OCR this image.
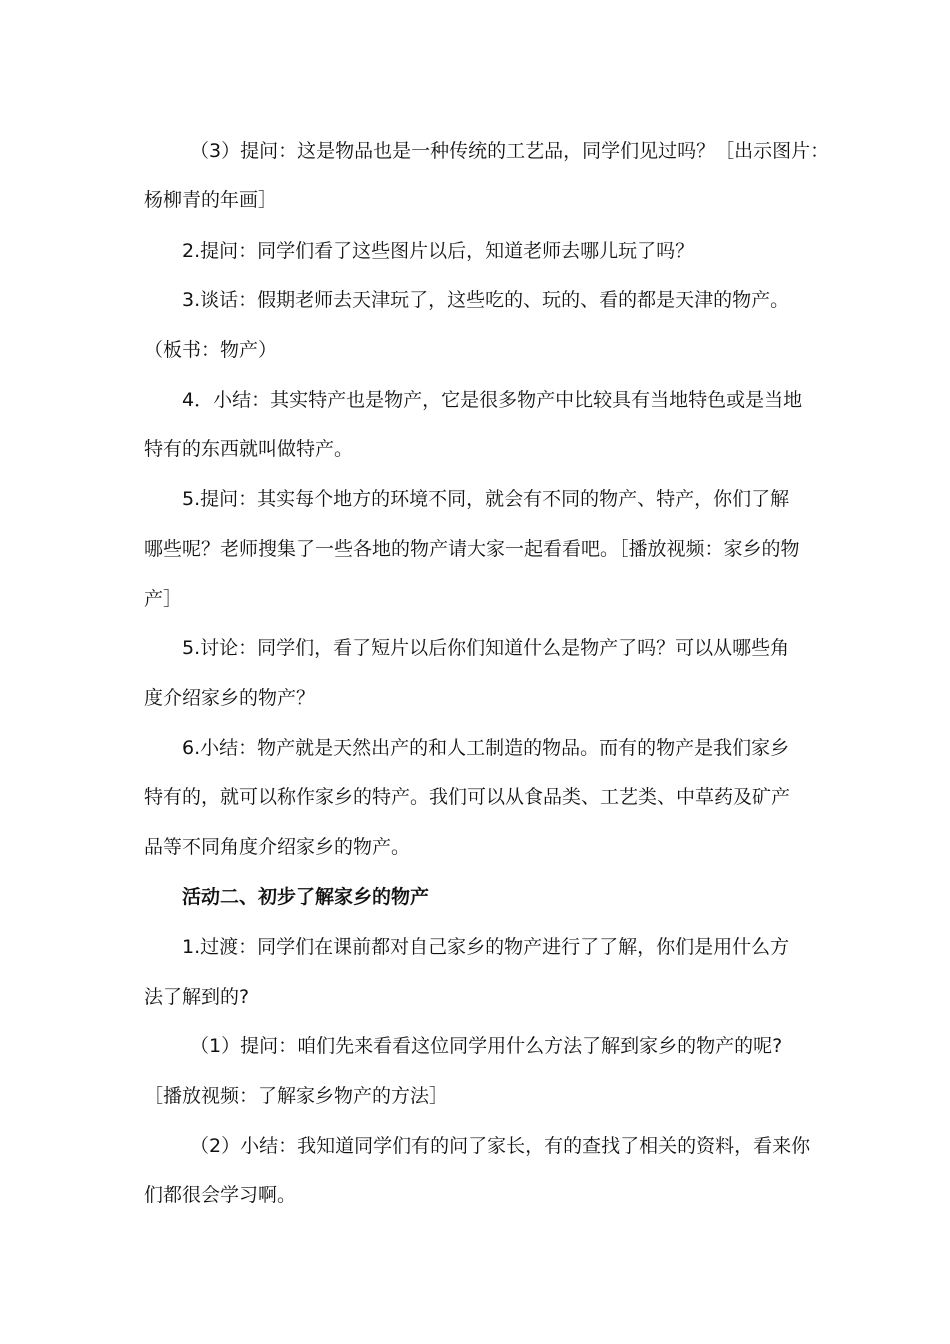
（3）提问：这是物品也是一种传统的工艺品，同学们见过吗？［出示图片：
杨柳青的年画］
2.提问：同学们看了这些图片以后，知道老师去哪儿玩了吗？
3.谈话：假期老师去天津玩了，这些吃的、玩的、看的都是天津的物产。
（板书：物产）
4．小结：其实特产也是物产，它是很多物产中比较具有当地特色或是当地
特有的东西就叫做特产。
5.提问：其实每个地方的环境不同，就会有不同的物产、特产，你们了解
哪些呢？老师搜集了一些各地的物产请大家一起看看吧。［播放视频：家乡的物
产］
5.讨论：同学们，看了短片以后你们知道什么是物产了吗？可以从哪些角
度介绍家乡的物产？
6.小结：物产就是天然出产的和人工制造的物品。而有的物产是我们家乡
特有的，就可以称作家乡的特产。我们可以从食品类、工艺类、中草药及矿产
品等不同角度介绍家乡的物产。
活动二、初步了解家乡的物产
1.过渡：同学们在课前都对自己家乡的物产进行了了解，你们是用什么方
法了解到的?
（1）提问：咱们先来看看这位同学用什么方法了解到家乡的物产的呢?
［播放视频：了解家乡物产的方法］
（2）小结：我知道同学们有的问了家长，有的查找了相关的资料，看来你
们都很会学习啊。
